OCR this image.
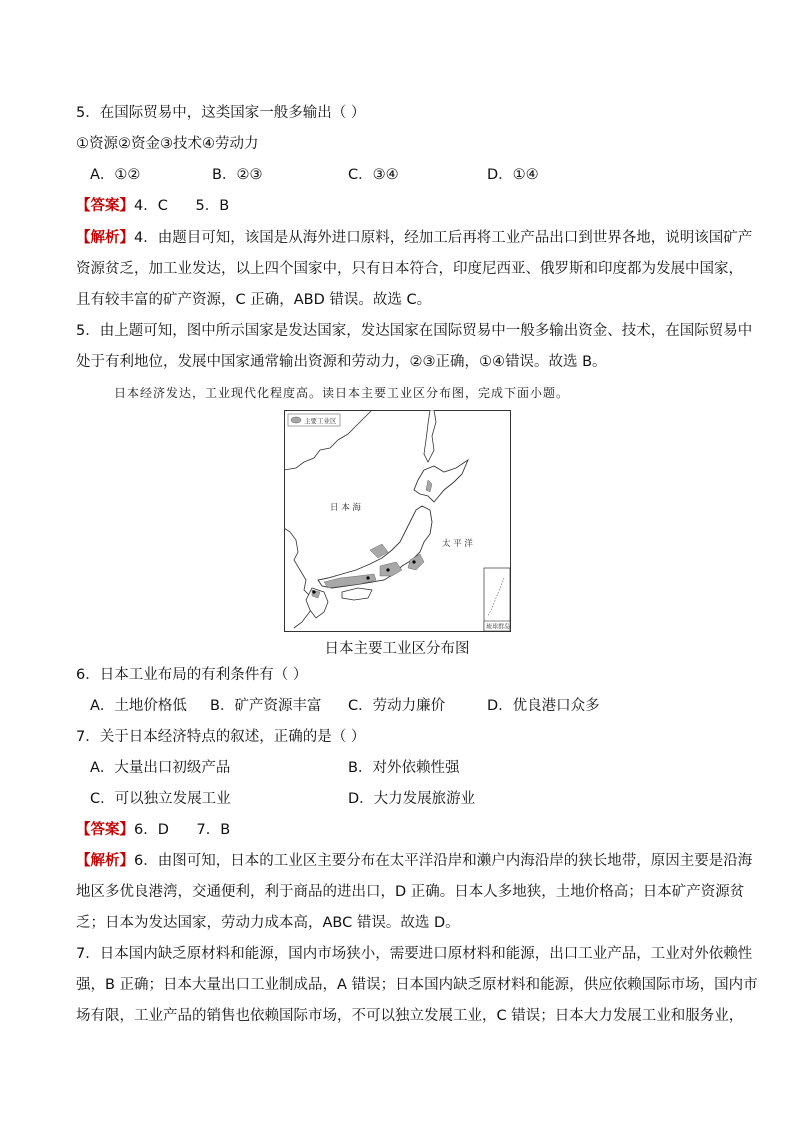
5．在国际贸易中，这类国家一般多输出（ ）
①资源②资金③技术④劳动力
A．①②	B．②③	C．③④	D．①④
【答案】4．C      5．B
【解析】4．由题目可知，该国是从海外进口原料，经加工后再将工业产品出口到世界各地，说明该国矿产
资源贫乏，加工业发达，以上四个国家中，只有日本符合，印度尼西亚、俄罗斯和印度都为发展中国家，
且有较丰富的矿产资源，C 正确，ABD 错误。故选 C。
5．由上题可知，图中所示国家是发达国家，发达国家在国际贸易中一般多输出资金、技术，在国际贸易中
处于有利地位，发展中国家通常输出资源和劳动力，②③正确，①④错误。故选 B。
日本经济发达，工业现代化程度高。读日本主要工业区分布图，完成下面小题。
主要工业区
日 本 海
太 平 洋
琉球群岛
日本主要工业区分布图
6．日本工业布局的有利条件有（ ）
A．土地价格低 B．矿产资源丰富 C．劳动力廉价	D．优良港口众多
7．关于日本经济特点的叙述，正确的是（ ）
A．大量出口初级产品	B．对外依赖性强
C．可以独立发展工业	D．大力发展旅游业
【答案】6．D      7．B
【解析】6．由图可知，日本的工业区主要分布在太平洋沿岸和濑户内海沿岸的狭长地带，原因主要是沿海
地区多优良港湾，交通便利，利于商品的进出口，D 正确。日本人多地狭，土地价格高；日本矿产资源贫
乏；日本为发达国家，劳动力成本高，ABC 错误。故选 D。
7．日本国内缺乏原材料和能源，国内市场狭小，需要进口原材料和能源，出口工业产品，工业对外依赖性
强，B 正确；日本大量出口工业制成品，A 错误；日本国内缺乏原材料和能源，供应依赖国际市场，国内市
场有限，工业产品的销售也依赖国际市场，不可以独立发展工业，C 错误；日本大力发展工业和服务业，
